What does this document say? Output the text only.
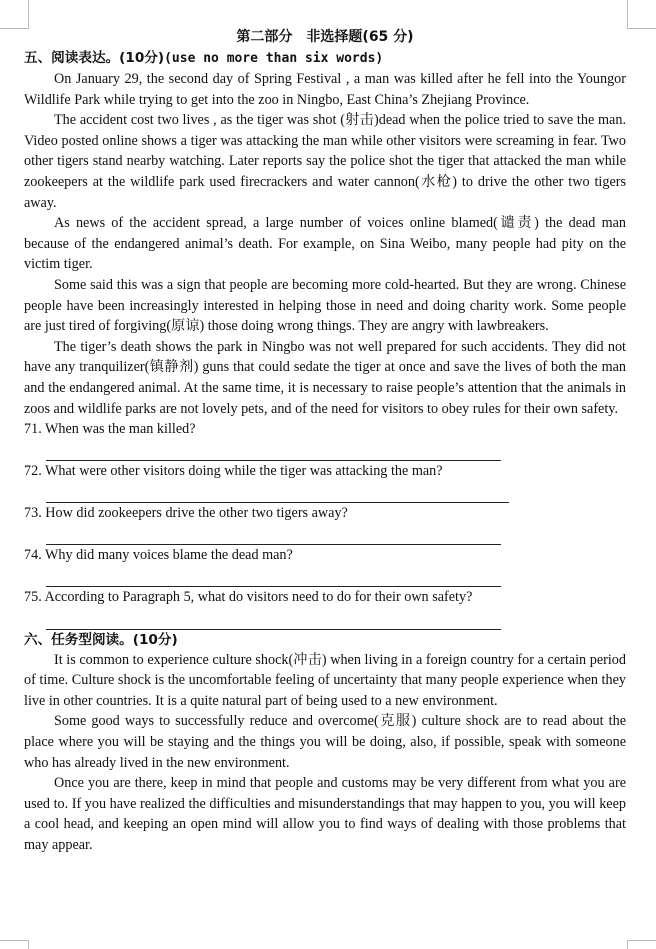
第二部分　非选择题(65 分)
五、阅读表达。(10分)(use no more than six words)

On January 29, the second day of Spring Festival , a man was killed after he fell into the Youngor Wildlife Park while trying to get into the zoo in Ningbo, East China’s Zhejiang Province.

The accident cost two lives , as the tiger was shot (射击)dead when the police tried to save the man. Video posted online shows a tiger was attacking the man while other visitors were screaming in fear. Two other tigers stand nearby watching. Later reports say the police shot the tiger that attacked the man while zookeepers at the wildlife park used firecrackers and water cannon(水枪) to drive the other two tigers away.

As news of the accident spread, a large number of voices online blamed(谴责) the dead man because of the endangered animal’s death. For example, on Sina Weibo, many people had pity on the victim tiger.

Some said this was a sign that people are becoming more cold-hearted. But they are wrong. Chinese people have been increasingly interested in helping those in need and doing charity work. Some people are just tired of forgiving(原谅) those doing wrong things. They are angry with lawbreakers.

The tiger’s death shows the park in Ningbo was not well prepared for such accidents. They did not have any tranquilizer(镇静剂) guns that could sedate the tiger at once and save the lives of both the man and the endangered animal. At the same time, it is necessary to raise people’s attention that the animals in zoos and wildlife parks are not lovely pets, and of the need for visitors to obey rules for their own safety.

71. When was the man killed?

72. What were other visitors doing while the tiger was attacking the man?

73. How did zookeepers drive the other two tigers away?

74. Why did many voices blame the dead man?

75. According to Paragraph 5, what do visitors need to do for their own safety?

六、任务型阅读。(10分)

It is common to experience culture shock(冲击) when living in a foreign country for a certain period of time. Culture shock is the uncomfortable feeling of uncertainty that many people experience when they live in other countries. It is a quite natural part of being used to a new environment.

Some good ways to successfully reduce and overcome(克服) culture shock are to read about the place where you will be staying and the things you will be doing, also, if possible, speak with someone who has already lived in the new environment.

Once you are there, keep in mind that people and customs may be very different from what you are used to. If you have realized the difficulties and misunderstandings that may happen to you, you will keep a cool head, and keeping an open mind will allow you to find ways of dealing with those problems that may appear.
